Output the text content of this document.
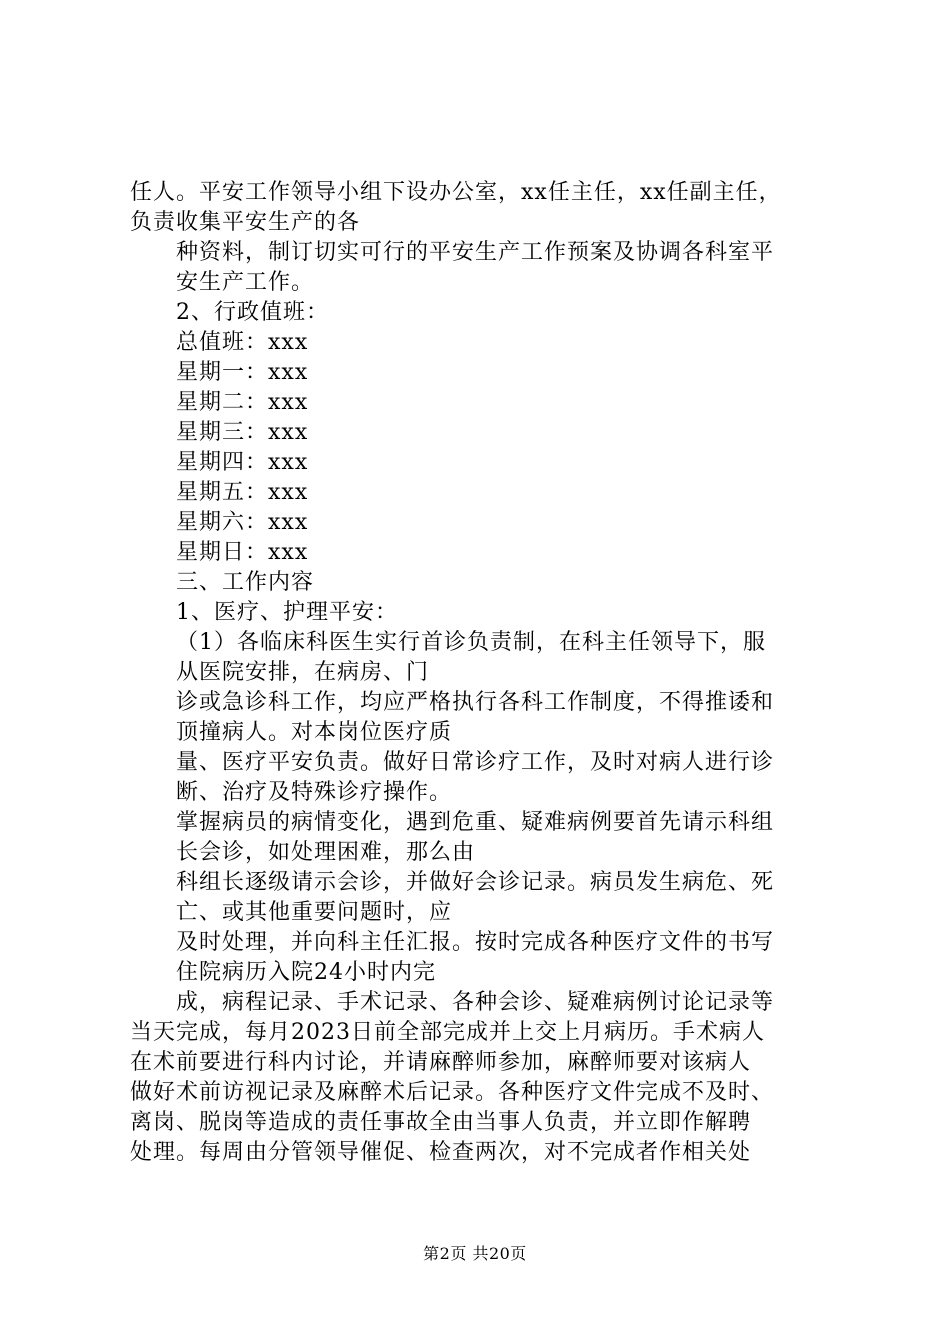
任人。平安工作领导小组下设办公室，xx任主任，xx任副主任，
负责收集平安生产的各
种资料，制订切实可行的平安生产工作预案及协调各科室平
安生产工作。
2、行政值班：
总值班：xxx
星期一：xxx
星期二：xxx
星期三：xxx
星期四：xxx
星期五：xxx
星期六：xxx
星期日：xxx
三、工作内容
1、医疗、护理平安：
（1）各临床科医生实行首诊负责制，在科主任领导下，服
从医院安排，在病房、门
诊或急诊科工作，均应严格执行各科工作制度，不得推诿和
顶撞病人。对本岗位医疗质
量、医疗平安负责。做好日常诊疗工作，及时对病人进行诊
断、治疗及特殊诊疗操作。
掌握病员的病情变化，遇到危重、疑难病例要首先请示科组
长会诊，如处理困难，那么由
科组长逐级请示会诊，并做好会诊记录。病员发生病危、死
亡、或其他重要问题时，应
及时处理，并向科主任汇报。按时完成各种医疗文件的书写
住院病历入院24小时内完
成，病程记录、手术记录、各种会诊、疑难病例讨论记录等
当天完成，每月2023日前全部完成并上交上月病历。手术病人
在术前要进行科内讨论，并请麻醉师参加，麻醉师要对该病人
做好术前访视记录及麻醉术后记录。各种医疗文件完成不及时、
离岗、脱岗等造成的责任事故全由当事人负责，并立即作解聘
处理。每周由分管领导催促、检查两次，对不完成者作相关处
第2页 共20页
